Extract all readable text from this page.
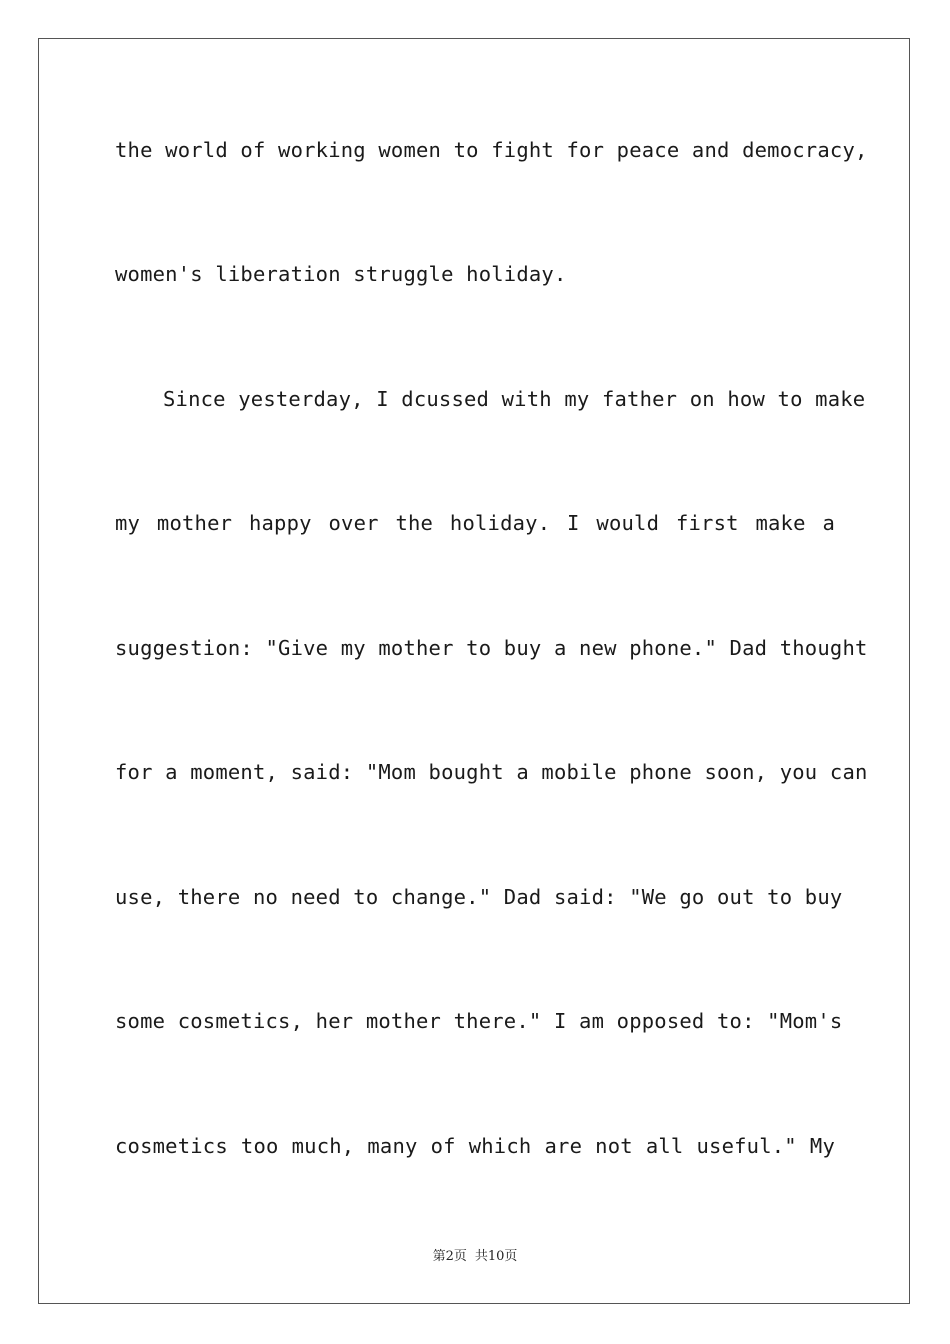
the world of working women to fight for peace and democracy,
women's liberation struggle holiday.
Since yesterday, I dcussed with my father on how to make
my mother happy over the holiday. I would first make a
suggestion: "Give my mother to buy a new phone." Dad thought
for a moment, said: "Mom bought a mobile phone soon, you can
use, there no need to change." Dad said: "We go out to buy
some cosmetics, her mother there." I am opposed to: "Mom's
cosmetics too much, many of which are not all useful." My
第2页 共10页
